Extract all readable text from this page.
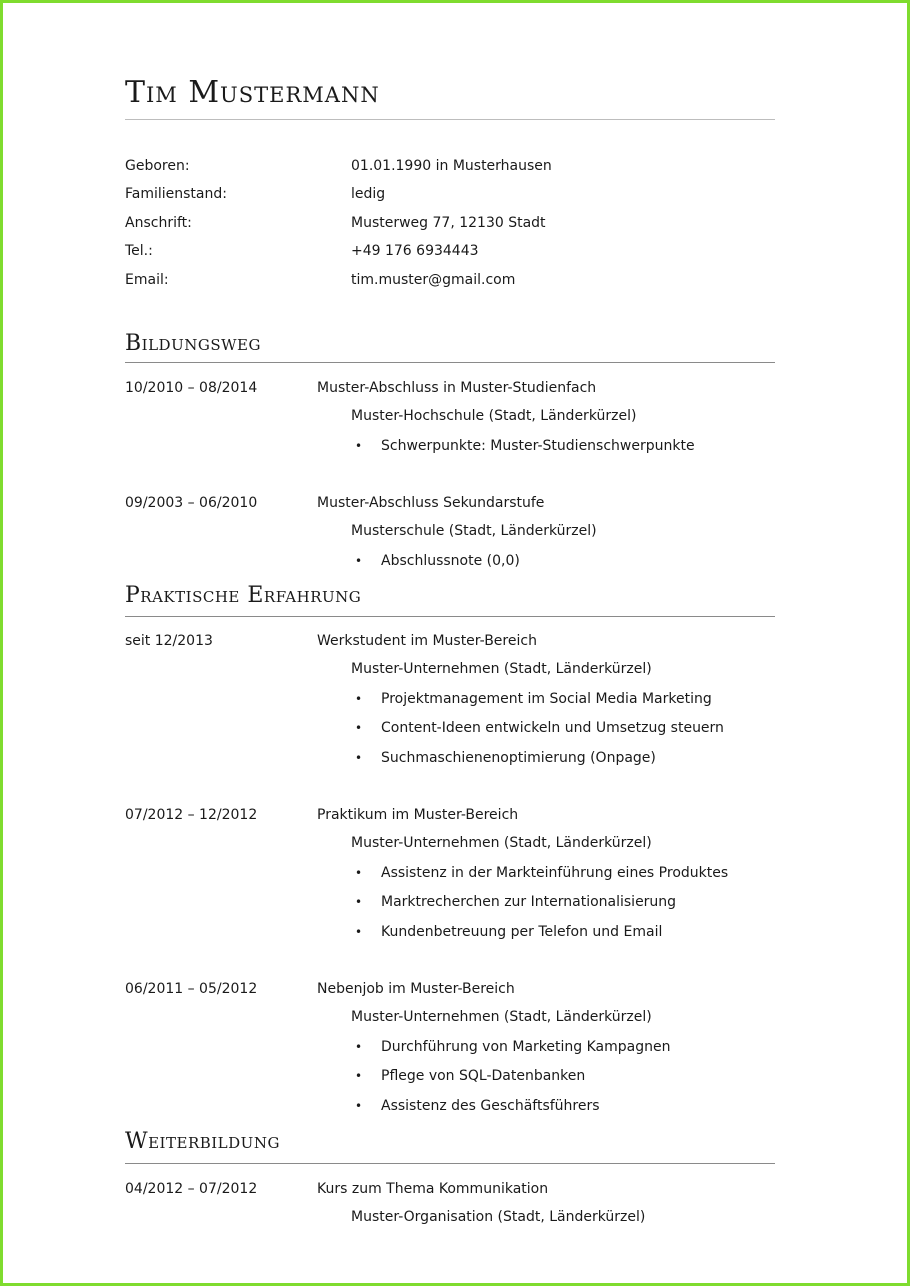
Tim Mustermann
Geboren:	01.01.1990 in Musterhausen
Familienstand:	ledig
Anschrift:	Musterweg 77, 12130 Stadt
Tel.:	+49 176 6934443
Email:	tim.muster@gmail.com
Bildungsweg
10/2010 – 08/2014	Muster-Abschluss in Muster-Studienfach
Muster-Hochschule (Stadt, Länderkürzel)
• Schwerpunkte: Muster-Studienschwerpunkte
09/2003 – 06/2010	Muster-Abschluss Sekundarstufe
Musterschule (Stadt, Länderkürzel)
• Abschlussnote (0,0)
Praktische Erfahrung
seit 12/2013	Werkstudent im Muster-Bereich
Muster-Unternehmen (Stadt, Länderkürzel)
• Projektmanagement im Social Media Marketing
• Content-Ideen entwickeln und Umsetzug steuern
• Suchmaschienenoptimierung (Onpage)
07/2012 – 12/2012	Praktikum im Muster-Bereich
Muster-Unternehmen (Stadt, Länderkürzel)
• Assistenz in der Markteinführung eines Produktes
• Marktrecherchen zur Internationalisierung
• Kundenbetreuung per Telefon und Email
06/2011 – 05/2012	Nebenjob im Muster-Bereich
Muster-Unternehmen (Stadt, Länderkürzel)
• Durchführung von Marketing Kampagnen
• Pflege von SQL-Datenbanken
• Assistenz des Geschäftsführers
Weiterbildung
04/2012 – 07/2012	Kurs zum Thema Kommunikation
Muster-Organisation (Stadt, Länderkürzel)
